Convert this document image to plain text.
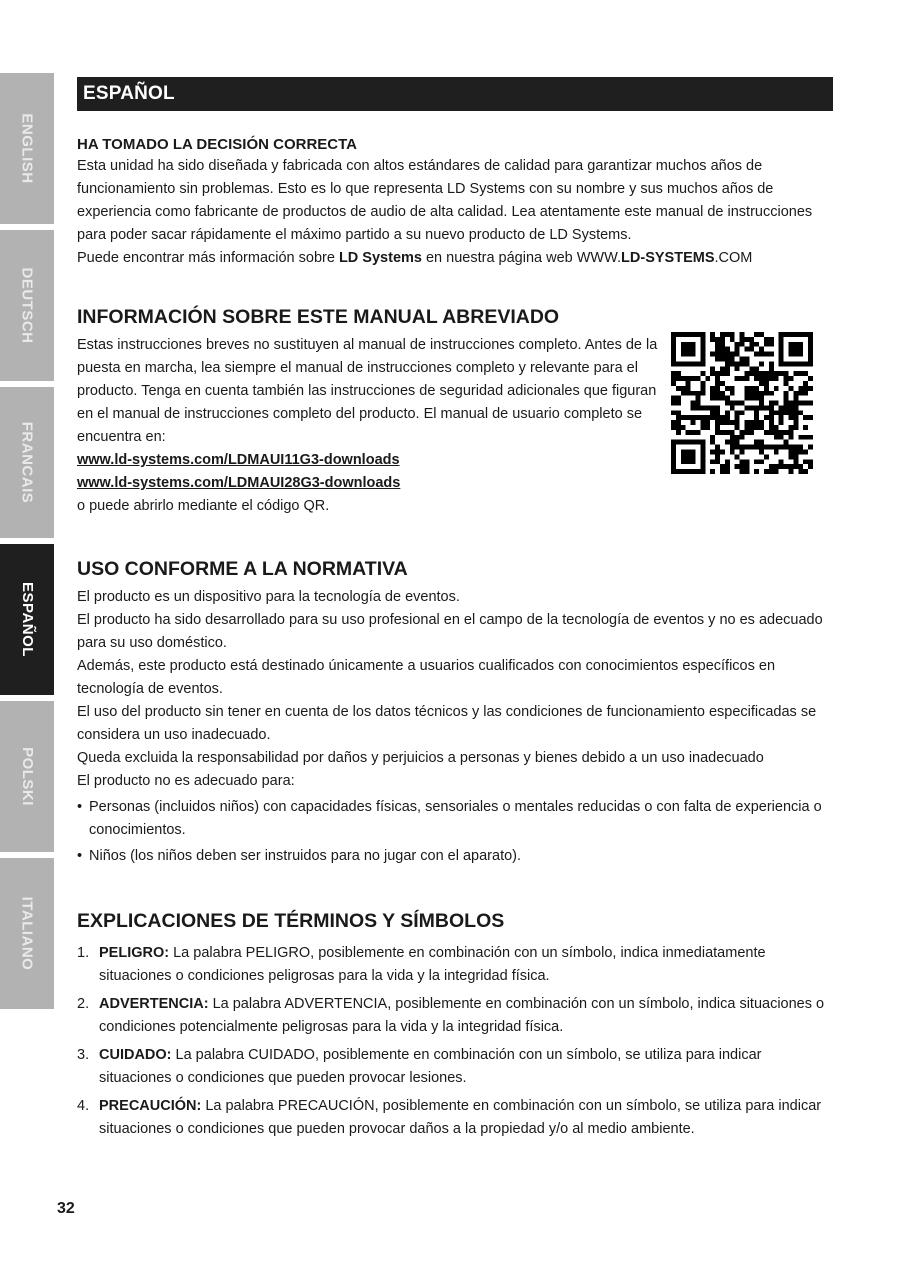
ENGLISH
DEUTSCH
FRANCAIS
ESPAÑOL
POLSKI
ITALIANO
ESPAÑOL
HA TOMADO LA DECISIÓN CORRECTA

Esta unidad ha sido diseñada y fabricada con altos estándares de calidad para garantizar muchos años de funcionamiento sin problemas. Esto es lo que representa LD Systems con su nombre y sus muchos años de experiencia como fabricante de productos de audio de alta calidad. Lea atentamente este manual de instrucciones para poder sacar rápidamente el máximo partido a su nuevo producto de LD Systems.
Puede encontrar más información sobre LD Systems en nuestra página web WWW.LD-SYSTEMS.COM

INFORMACIÓN SOBRE ESTE MANUAL ABREVIADO

Estas instrucciones breves no sustituyen al manual de instrucciones completo. Antes de la puesta en marcha, lea siempre el manual de instrucciones completo y relevante para el producto. Tenga en cuenta también las instrucciones de seguridad adicionales que figuran en el manual de instrucciones completo del producto. El manual de usuario completo se encuentra en:

www.ld-systems.com/LDMAUI11G3-downloads
www.ld-systems.com/LDMAUI28G3-downloads

o puede abrirlo mediante el código QR.

USO CONFORME A LA NORMATIVA

El producto es un dispositivo para la tecnología de eventos.

El producto ha sido desarrollado para su uso profesional en el campo de la tecnología de eventos y no es adecuado para su uso doméstico.

Además, este producto está destinado únicamente a usuarios cualificados con conocimientos específicos en tecnología de eventos.

El uso del producto sin tener en cuenta de los datos técnicos y las condiciones de funcionamiento especificadas se considera un uso inadecuado.

Queda excluida la responsabilidad por daños y perjuicios a personas y bienes debido a un uso inadecuado

El producto no es adecuado para:

• Personas (incluidos niños) con capacidades físicas, sensoriales o mentales reducidas o con falta de experiencia o conocimientos.
• Niños (los niños deben ser instruidos para no jugar con el aparato).
EXPLICACIONES DE TÉRMINOS Y SÍMBOLOS
1. PELIGRO: La palabra PELIGRO, posiblemente en combinación con un símbolo, indica inmediatamente situaciones o condiciones peligrosas para la vida y la integridad física.
2. ADVERTENCIA: La palabra ADVERTENCIA, posiblemente en combinación con un símbolo, indica situaciones o condiciones potencialmente peligrosas para la vida y la integridad física.
3. CUIDADO: La palabra CUIDADO, posiblemente en combinación con un símbolo, se utiliza para indicar situaciones o condiciones que pueden provocar lesiones.
4. PRECAUCIÓN: La palabra PRECAUCIÓN, posiblemente en combinación con un símbolo, se utiliza para indicar situaciones o condiciones que pueden provocar daños a la propiedad y/o al medio ambiente.
32
